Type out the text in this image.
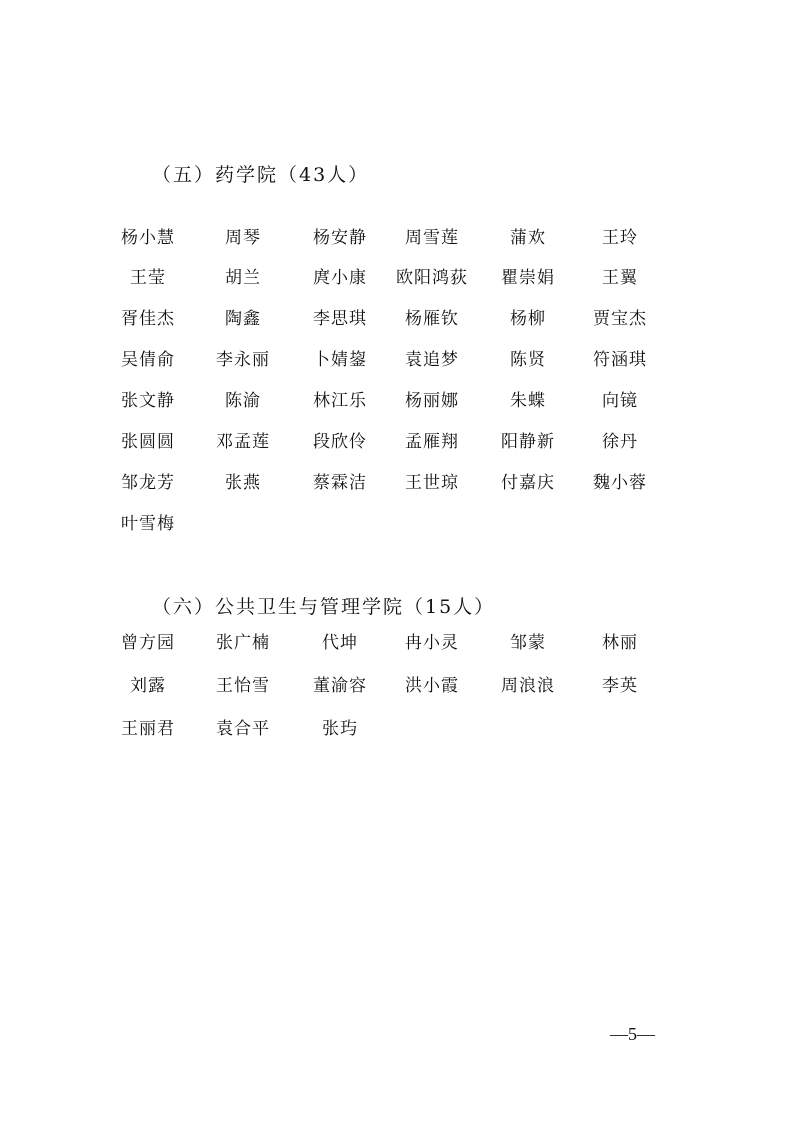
（五）药学院（43人）
杨小慧	周琴	杨安静 周雪莲	蒲欢	王玲
王莹	胡兰	庹小康 欧阳鸿荻 瞿崇娟	王翼
胥佳杰	陶鑫	李思琪 杨雁钦	杨柳	贾宝杰
吴倩俞 李永丽	卜婧鋆 袁追梦	陈贤	符涵琪
张文静	陈渝	林江乐 杨丽娜	朱蝶	向镜
张圆圆 邓孟莲	段欣伶 孟雁翔 阳静新	徐丹
邹龙芳	张燕	蔡霖洁 王世琼 付嘉庆 魏小蓉
叶雪梅
（六）公共卫生与管理学院（15人）
曾方园 张广楠	代坤	冉小灵	邹蒙	林丽
刘露	王怡雪	董渝容 洪小霞 周浪浪	李英
王丽君 袁合平	张玙
—5—
